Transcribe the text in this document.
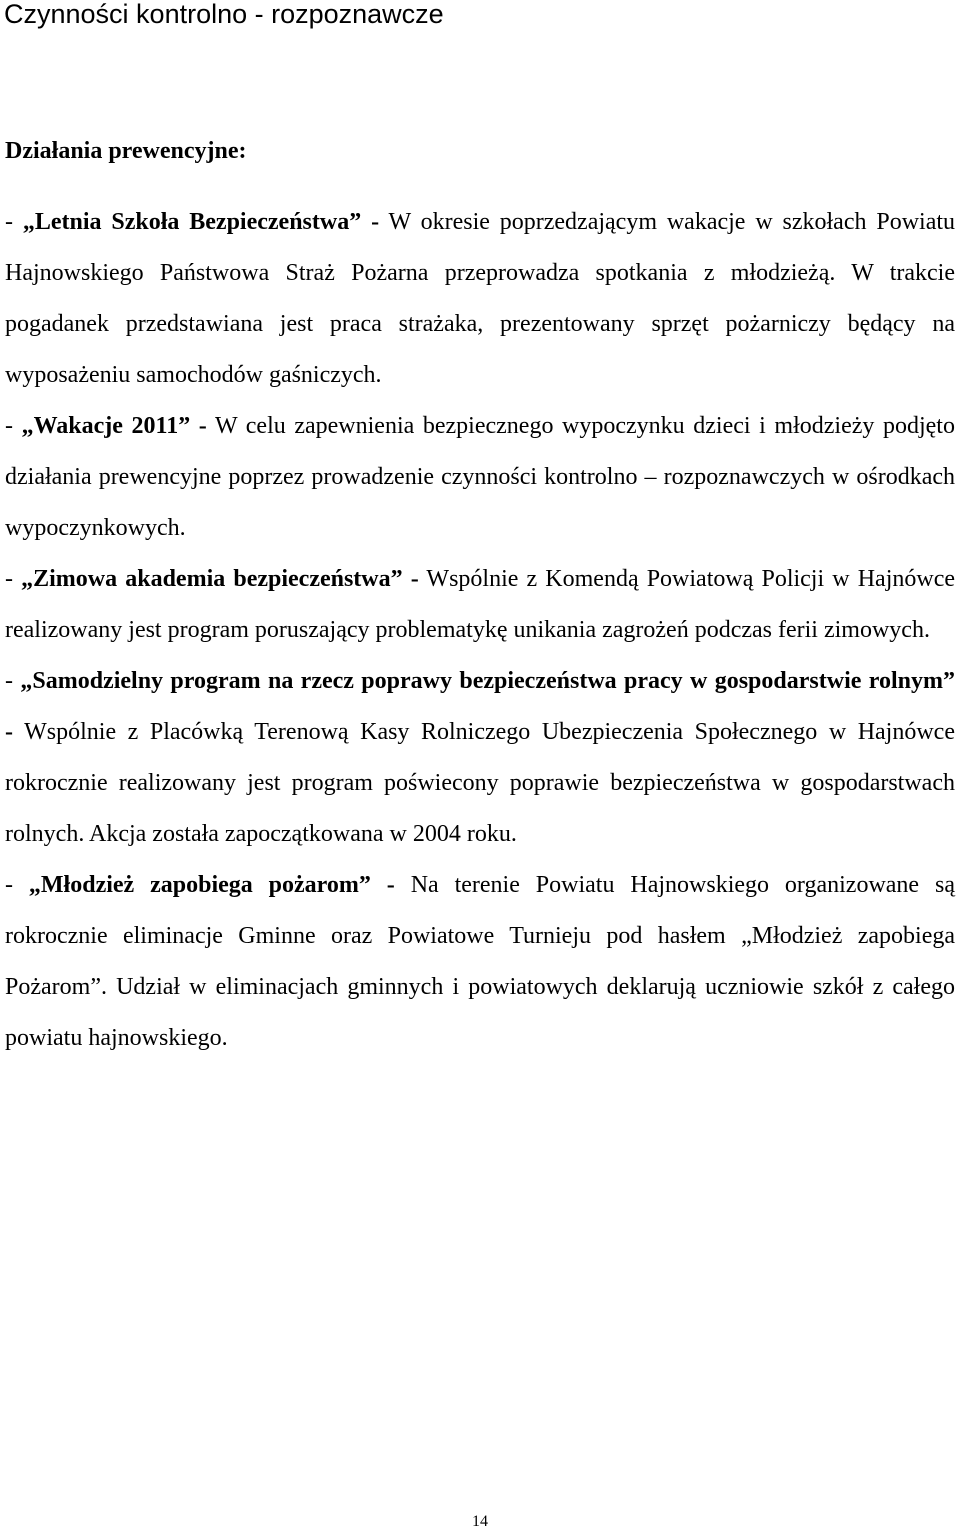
Czynności kontrolno - rozpoznawcze
Działania prewencyjne:

- „Letnia Szkoła Bezpieczeństwa” - W okresie poprzedzającym wakacje w szkołach Powiatu Hajnowskiego Państwowa Straż Pożarna przeprowadza spotkania z młodzieżą. W trakcie pogadanek przedstawiana jest praca strażaka, prezentowany sprzęt pożarniczy będący na wyposażeniu samochodów gaśniczych.

- „Wakacje 2011” - W celu zapewnienia bezpiecznego wypoczynku dzieci i młodzieży podjęto działania prewencyjne poprzez prowadzenie czynności kontrolno – rozpoznawczych w ośrodkach wypoczynkowych.

- „Zimowa akademia bezpieczeństwa” - Wspólnie z Komendą Powiatową Policji w Hajnówce realizowany jest program poruszający problematykę unikania zagrożeń podczas ferii zimowych.

- „Samodzielny program na rzecz poprawy bezpieczeństwa pracy w gospodarstwie rolnym” - Wspólnie z Placówką Terenową Kasy Rolniczego Ubezpieczenia Społecznego w Hajnówce rokrocznie realizowany jest program poświecony poprawie bezpieczeństwa w gospodarstwach rolnych. Akcja została zapoczątkowana w 2004 roku.

- „Młodzież zapobiega pożarom” - Na terenie Powiatu Hajnowskiego organizowane są rokrocznie eliminacje Gminne oraz Powiatowe Turnieju pod hasłem „Młodzież zapobiega Pożarom”. Udział w eliminacjach gminnych i powiatowych deklarują uczniowie szkół z całego powiatu hajnowskiego.

14
